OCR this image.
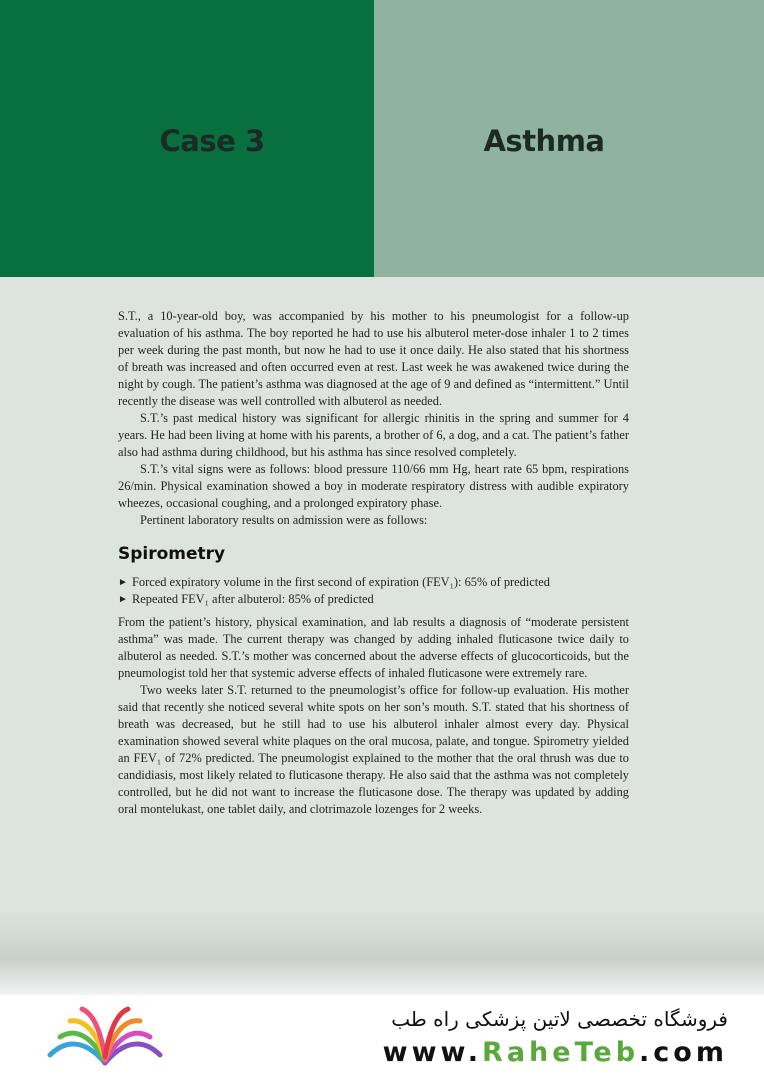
Case 3	Asthma

S.T., a 10-year-old boy, was accompanied by his mother to his pneumologist for a follow-up evaluation of his asthma. The boy reported he had to use his albuterol meter-dose inhaler 1 to 2 times per week during the past month, but now he had to use it once daily. He also stated that his shortness of breath was increased and often occurred even at rest. Last week he was awakened twice during the night by cough. The patient’s asthma was diagnosed at the age of 9 and defined as “intermittent.” Until recently the disease was well controlled with albuterol as needed.

S.T.’s past medical history was significant for allergic rhinitis in the spring and summer for 4 years. He had been living at home with his parents, a brother of 6, a dog, and a cat. The patient’s father also had asthma during childhood, but his asthma has since resolved completely.

S.T.’s vital signs were as follows: blood pressure 110/66 mm Hg, heart rate 65 bpm, respirations 26/min. Physical examination showed a boy in moderate respiratory distress with audible expiratory wheezes, occasional coughing, and a prolonged expiratory phase.

Pertinent laboratory results on admission were as follows:

Spirometry
► Forced expiratory volume in the first second of expiration (FEV₁): 65% of predicted
► Repeated FEV₁ after albuterol: 85% of predicted

From the patient’s history, physical examination, and lab results a diagnosis of “moderate persistent asthma” was made. The current therapy was changed by adding inhaled fluticasone twice daily to albuterol as needed. S.T.’s mother was concerned about the adverse effects of glucocorticoids, but the pneumologist told her that systemic adverse effects of inhaled fluticasone were extremely rare.

Two weeks later S.T. returned to the pneumologist’s office for follow-up evaluation. His mother said that recently she noticed several white spots on her son’s mouth. S.T. stated that his shortness of breath was decreased, but he still had to use his albuterol inhaler almost every day. Physical examination showed several white plaques on the oral mucosa, palate, and tongue. Spirometry yielded an FEV₁ of 72% predicted. The pneumologist explained to the mother that the oral thrush was due to candidiasis, most likely related to fluticasone therapy. He also said that the asthma was not completely controlled, but he did not want to increase the fluticasone dose. The therapy was updated by adding oral montelukast, one tablet daily, and clotrimazole lozenges for 2 weeks.

فروشگاه تخصصی لاتین پزشکی راه طب
www.RaheTeb.com
